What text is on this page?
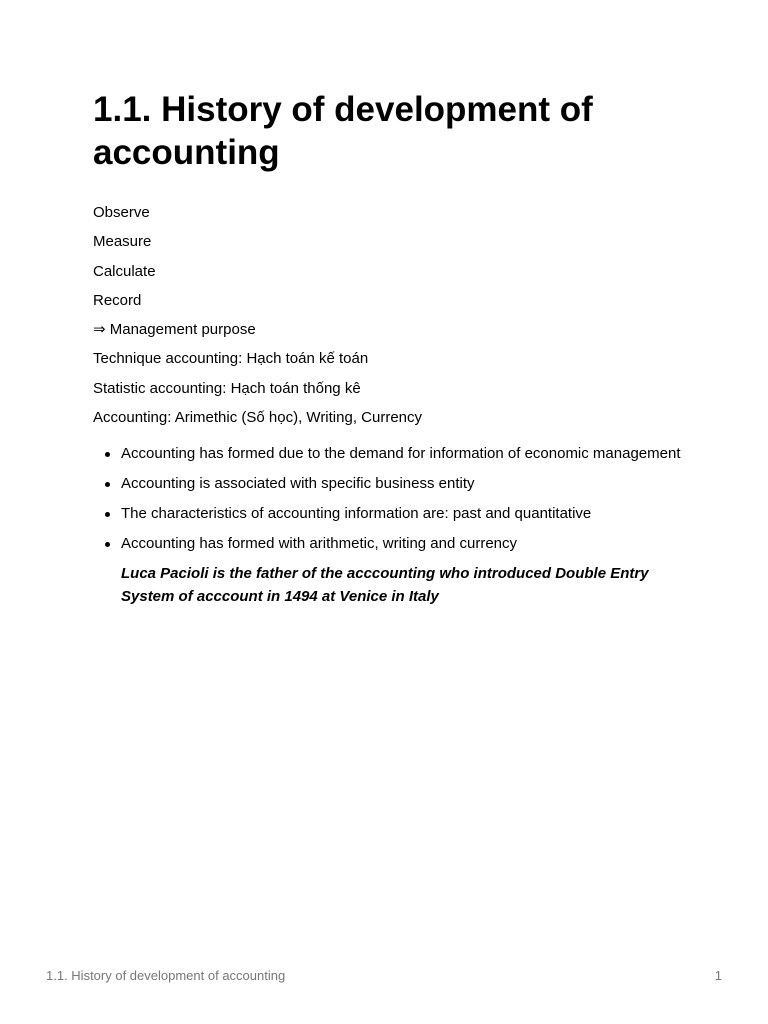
1.1. History of development of accounting

Observe

Measure

Calculate

Record

⇒ Management purpose

Technique accounting: Hạch toán kế toán

Statistic accounting: Hạch toán thống kê

Accounting: Arimethic (Số học), Writing, Currency

Accounting has formed due to the demand for information of economic management
Accounting is associated with specific business entity
The characteristics of accounting information are: past and quantitative
Accounting has formed with arithmetic, writing and currency

Luca Pacioli is the father of the acccounting who introduced Double Entry System of acccount in 1494 at Venice in Italy

1.1. History of development of accounting	1
